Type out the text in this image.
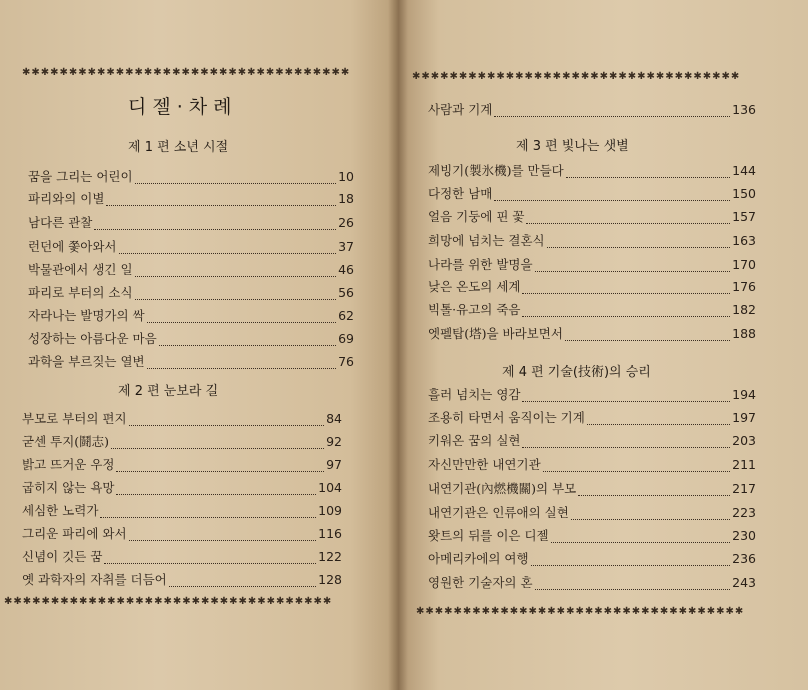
✱✱✱✱✱✱✱✱✱✱✱✱✱✱✱✱✱✱✱✱✱✱✱✱✱✱✱✱✱✱✱✱✱✱✱
디젤·차례
제 1 편 소년 시절
꿈을 그리는 어린이	10
파리와의 이별	18
남다른 관찰	26
런던에 쫓아와서	37
박물관에서 생긴 일	46
파리로 부터의 소식	56
자라나는 발명가의 싹	62
성장하는 아름다운 마음	69
과학을 부르짖는 열변	76
제 2 편 눈보라 길
부모로 부터의 편지	84
굳센 투지(鬪志)	92
밝고 뜨거운 우정	97
굽히지 않는 욕망	104
세심한 노력가	109
그리운 파리에 와서	116
신념이 깃든 꿈	122
옛 과학자의 자취를 더듬어	128
✱✱✱✱✱✱✱✱✱✱✱✱✱✱✱✱✱✱✱✱✱✱✱✱✱✱✱✱✱✱✱✱✱✱✱
✱✱✱✱✱✱✱✱✱✱✱✱✱✱✱✱✱✱✱✱✱✱✱✱✱✱✱✱✱✱✱✱✱✱✱
사람과 기계	136
제 3 편 빛나는 샛별
제빙기(製氷機)를 만들다	144
다정한 남매	150
얼음 기둥에 핀 꽃	157
희망에 넘치는 결혼식	163
나라를 위한 발명을	170
낮은 온도의 세계	176
빅톨·유고의 죽음	182
엣펠탑(塔)을 바라보면서	188
제 4 편 기술(技術)의 승리
흘러 넘치는 영감	194
조용히 타면서 움직이는 기계	197
키워온 꿈의 실현	203
자신만만한 내연기관	211
내연기관(內燃機關)의 부모	217
내연기관은 인류애의 실현	223
왓트의 뒤를 이은 디젤	230
아메리카에의 여행	236
영원한 기술자의 혼	243
✱✱✱✱✱✱✱✱✱✱✱✱✱✱✱✱✱✱✱✱✱✱✱✱✱✱✱✱✱✱✱✱✱✱✱
